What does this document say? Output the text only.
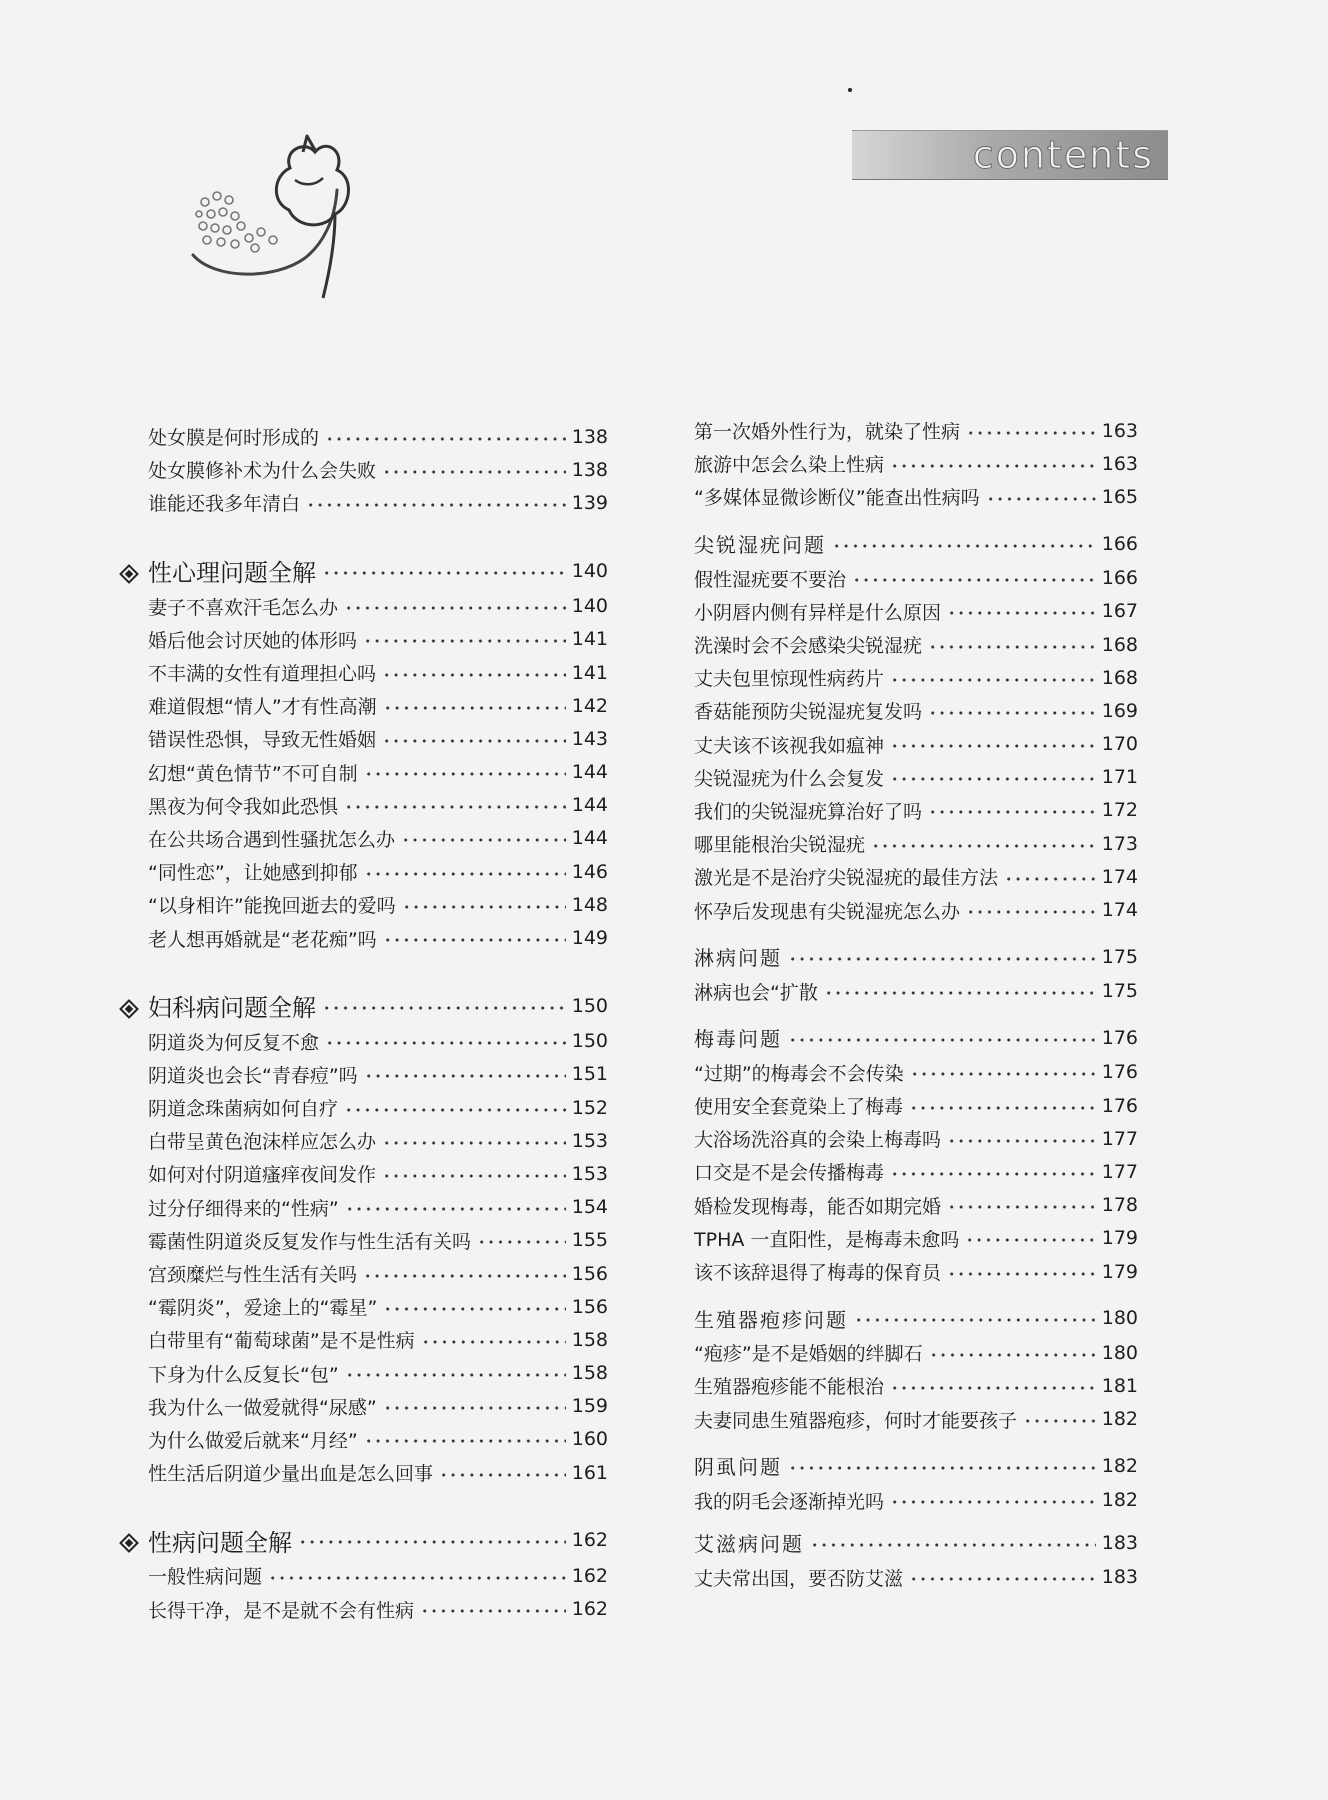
contents
处女膜是何时形成的	138
处女膜修补术为什么会失败	138
谁能还我多年清白	139
性心理问题全解	140
妻子不喜欢汗毛怎么办	140
婚后他会讨厌她的体形吗	141
不丰满的女性有道理担心吗	141
难道假想“情人”才有性高潮	142
错误性恐惧，导致无性婚姻	143
幻想“黄色情节”不可自制	144
黑夜为何令我如此恐惧	144
在公共场合遇到性骚扰怎么办	144
“同性恋”，让她感到抑郁	146
“以身相许”能挽回逝去的爱吗	148
老人想再婚就是“老花痴”吗	149
妇科病问题全解	150
阴道炎为何反复不愈	150
阴道炎也会长“青春痘”吗	151
阴道念珠菌病如何自疗	152
白带呈黄色泡沫样应怎么办	153
如何对付阴道瘙痒夜间发作	153
过分仔细得来的“性病”	154
霉菌性阴道炎反复发作与性生活有关吗	155
宫颈糜烂与性生活有关吗	156
“霉阴炎”，爱途上的“霉星”	156
白带里有“葡萄球菌”是不是性病	158
下身为什么反复长“包”	158
我为什么一做爱就得“尿感”	159
为什么做爱后就来“月经”	160
性生活后阴道少量出血是怎么回事	161
性病问题全解	162
一般性病问题	162
长得干净，是不是就不会有性病	162
第一次婚外性行为，就染了性病	163
旅游中怎会么染上性病	163
“多媒体显微诊断仪”能查出性病吗	165
尖锐湿疣问题	166
假性湿疣要不要治	166
小阴唇内侧有异样是什么原因	167
洗澡时会不会感染尖锐湿疣	168
丈夫包里惊现性病药片	168
香菇能预防尖锐湿疣复发吗	169
丈夫该不该视我如瘟神	170
尖锐湿疣为什么会复发	171
我们的尖锐湿疣算治好了吗	172
哪里能根治尖锐湿疣	173
激光是不是治疗尖锐湿疣的最佳方法	174
怀孕后发现患有尖锐湿疣怎么办	174
淋病问题	175
淋病也会“扩散	175
梅毒问题	176
“过期”的梅毒会不会传染	176
使用安全套竟染上了梅毒	176
大浴场洗浴真的会染上梅毒吗	177
口交是不是会传播梅毒	177
婚检发现梅毒，能否如期完婚	178
TPHA 一直阳性，是梅毒未愈吗	179
该不该辞退得了梅毒的保育员	179
生殖器疱疹问题	180
“疱疹”是不是婚姻的绊脚石	180
生殖器疱疹能不能根治	181
夫妻同患生殖器疱疹，何时才能要孩子	182
阴虱问题	182
我的阴毛会逐渐掉光吗	182
艾滋病问题	183
丈夫常出国，要否防艾滋	183
